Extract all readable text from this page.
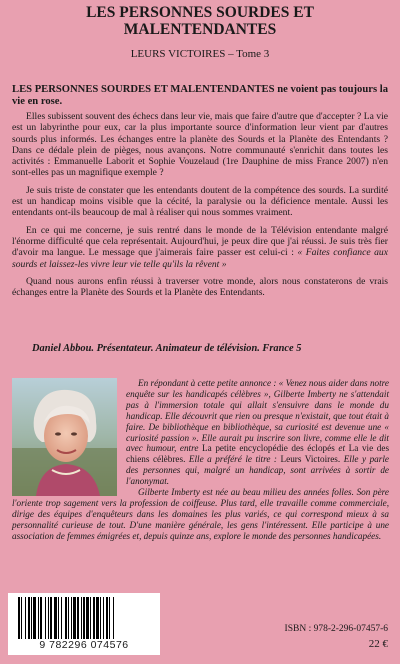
LES PERSONNES SOURDES ET
MALENTENDANTES
LEURS VICTOIRES – Tome 3

LES PERSONNES SOURDES ET MALENTENDANTES ne voient pas toujours la vie en rose.

Elles subissent souvent des échecs dans leur vie, mais que faire d'autre que d'accepter ? La vie est un labyrinthe pour eux, car la plus importante source d'information leur vient par d'autres sourds plus informés. Les échanges entre la planète des Sourds et la Planète des Entendants ? Dans ce dédale plein de pièges, nous avançons. Notre communauté s'enrichit dans toutes les activités : Emmanuelle Laborit et Sophie Vouzelaud (1re Dauphine de miss France 2007) n'en sont-elles pas un magnifique exemple ?

Je suis triste de constater que les entendants doutent de la compétence des sourds. La surdité est un handicap moins visible que la cécité, la paralysie ou la déficience mentale. Aussi les entendants ont-ils beaucoup de mal à réaliser qui nous sommes vraiment.

En ce qui me concerne, je suis rentré dans le monde de la Télévision entendante malgré l'énorme difficulté que cela représentait. Aujourd'hui, je peux dire que j'ai réussi. Je suis très fier d'avoir ma langue. Le message que j'aimerais faire passer est celui-ci : « Faites confiance aux sourds et laissez-les vivre leur vie telle qu'ils la rêvent »

Quand nous aurons enfin réussi à traverser votre monde, alors nous constaterons de vrais échanges entre la Planète des Sourds et la Planète des Entendants.

Daniel Abbou. Présentateur. Animateur de télévision. France 5

En répondant à cette petite annonce : « Venez nous aider dans notre enquête sur les handicapés célèbres », Gilberte Imberty ne s'attendait pas à l'immersion totale qui allait s'ensuivre dans le monde du handicap. Elle découvrit que rien ou presque n'existait, que tout était à faire. De bibliothèque en bibliothèque, sa curiosité est devenue une « curiosité passion ». Elle aurait pu inscrire son livre, comme elle le dit avec humour, entre La petite encyclopédie des éclopés et La vie des chiens célèbres. Elle a préféré le titre : Leurs Victoires. Elle y parle des personnes qui, malgré un handicap, sont arrivées à sortir de l'anonymat.

Gilberte Imberty est née au beau milieu des années folles. Son père l'oriente trop sagement vers la profession de coiffeuse. Plus tard, elle travaille comme commerciale, dirige des équipes d'enquêteurs dans les domaines les plus variés, ce qui correspond mieux à sa personnalité curieuse de tout. D'une manière générale, les gens l'intéressent. Elle participe à une association de femmes émigrées et, depuis quinze ans, explore le monde des personnes handicapées.

9 782296 074576
ISBN : 978-2-296-07457-6
22 €
